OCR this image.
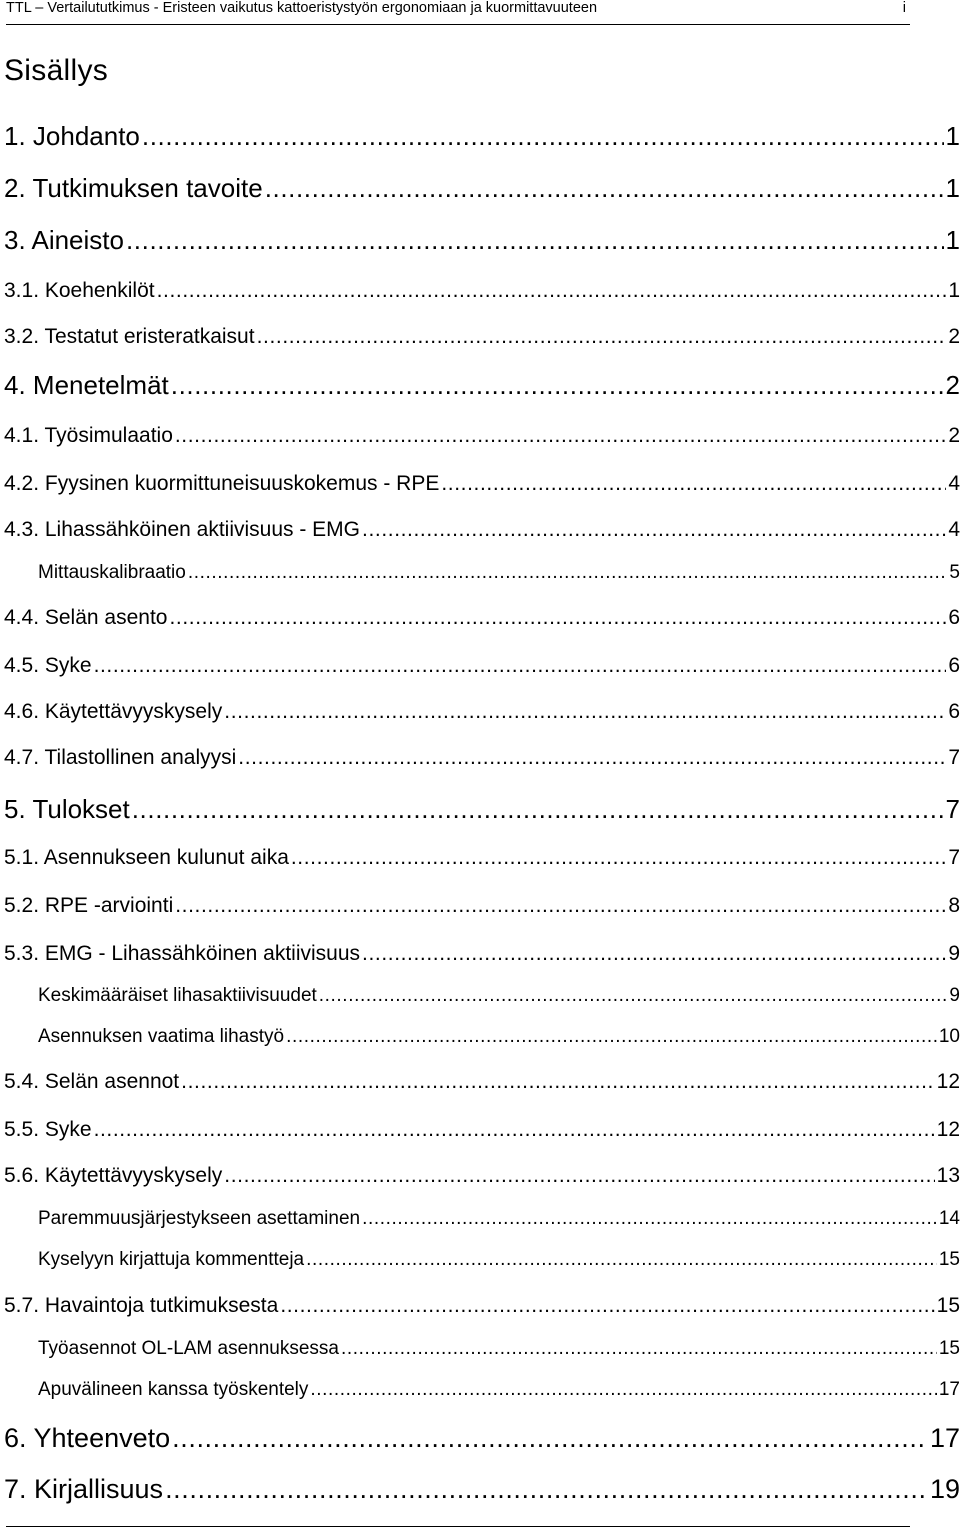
TTL – Vertailututkimus - Eristeen vaikutus kattoeristystyön ergonomiaan ja kuormittavuuteen	i
Sisällys
1. Johdanto .....	1
2. Tutkimuksen tavoite .....	1
3. Aineisto .....	1
3.1. Koehenkilöt .....	1
3.2. Testatut eristeratkaisut .....	2
4. Menetelmät .....	2
4.1. Työsimulaatio .....	2
4.2. Fyysinen kuormittuneisuuskokemus - RPE .....	4
4.3. Lihassähköinen aktiivisuus - EMG .....	4
Mittauskalibraatio .....	5
4.4. Selän asento .....	6
4.5. Syke .....	6
4.6. Käytettävyyskysely .....	6
4.7. Tilastollinen analyysi .....	7
5. Tulokset .....	7
5.1. Asennukseen kulunut aika .....	7
5.2. RPE -arviointi .....	8
5.3. EMG - Lihassähköinen aktiivisuus .....	9
Keskimääräiset lihasaktiivisuudet .....	9
Asennuksen vaatima lihastyö .....	10
5.4. Selän asennot .....	12
5.5. Syke .....	12
5.6. Käytettävyyskysely .....	13
Paremmuusjärjestykseen asettaminen .....	14
Kyselyyn kirjattuja kommentteja .....	15
5.7. Havaintoja tutkimuksesta .....	15
Työasennot OL-LAM asennuksessa .....	15
Apuvälineen kanssa työskentely .....	17
6. Yhteenveto .....	17
7. Kirjallisuus .....	19
